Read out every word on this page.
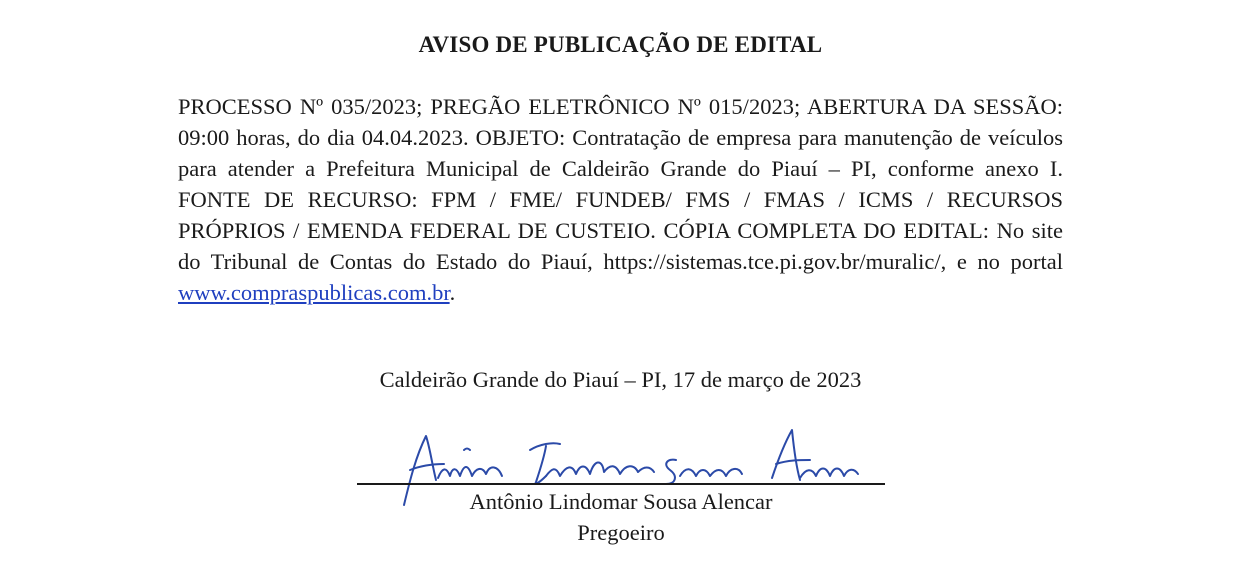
AVISO DE PUBLICAÇÃO DE EDITAL

PROCESSO Nº 035/2023; PREGÃO ELETRÔNICO Nº 015/2023; ABERTURA DA SESSÃO: 09:00 horas, do dia 04.04.2023. OBJETO: Contratação de empresa para manutenção de veículos para atender a Prefeitura Municipal de Caldeirão Grande do Piauí – PI, conforme anexo I. FONTE DE RECURSO: FPM / FME/ FUNDEB/ FMS / FMAS / ICMS / RECURSOS PRÓPRIOS / EMENDA FEDERAL DE CUSTEIO. CÓPIA COMPLETA DO EDITAL: No site do Tribunal de Contas do Estado do Piauí, https://sistemas.tce.pi.gov.br/muralic/, e no portal www.compraspublicas.com.br.

Caldeirão Grande do Piauí – PI, 17 de março de 2023

Antônio Lindomar Sousa Alencar

Pregoeiro
